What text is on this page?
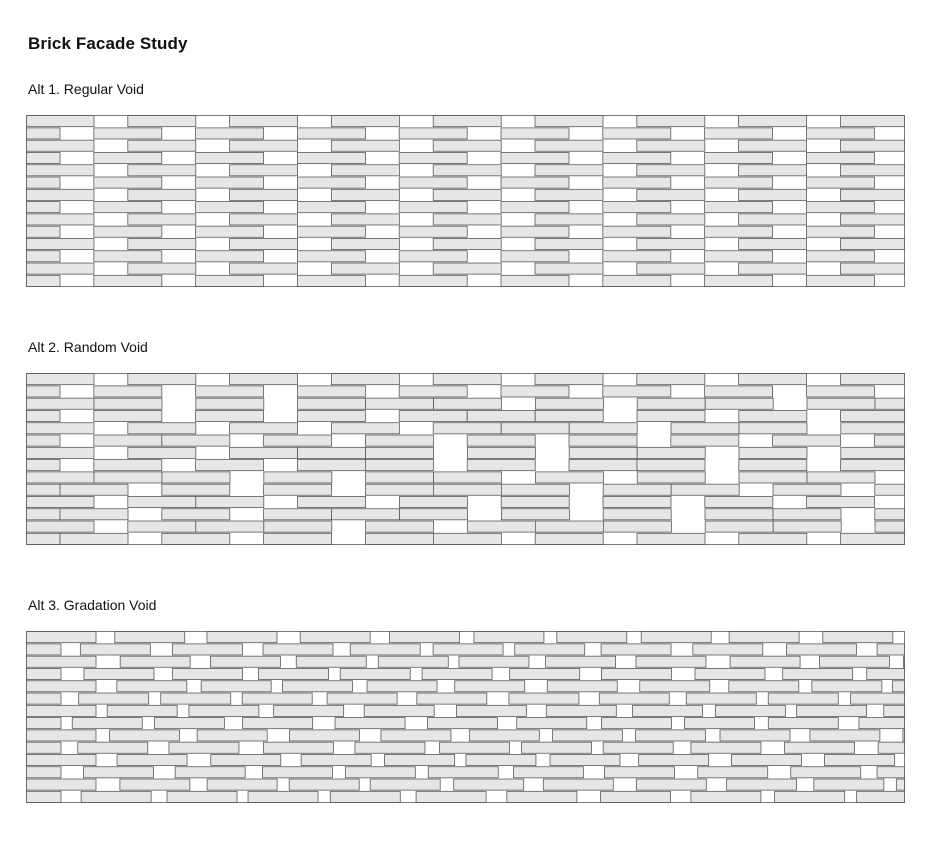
Brick Facade Study
Alt 1. Regular Void
Alt 2. Random Void
Alt 3. Gradation Void
